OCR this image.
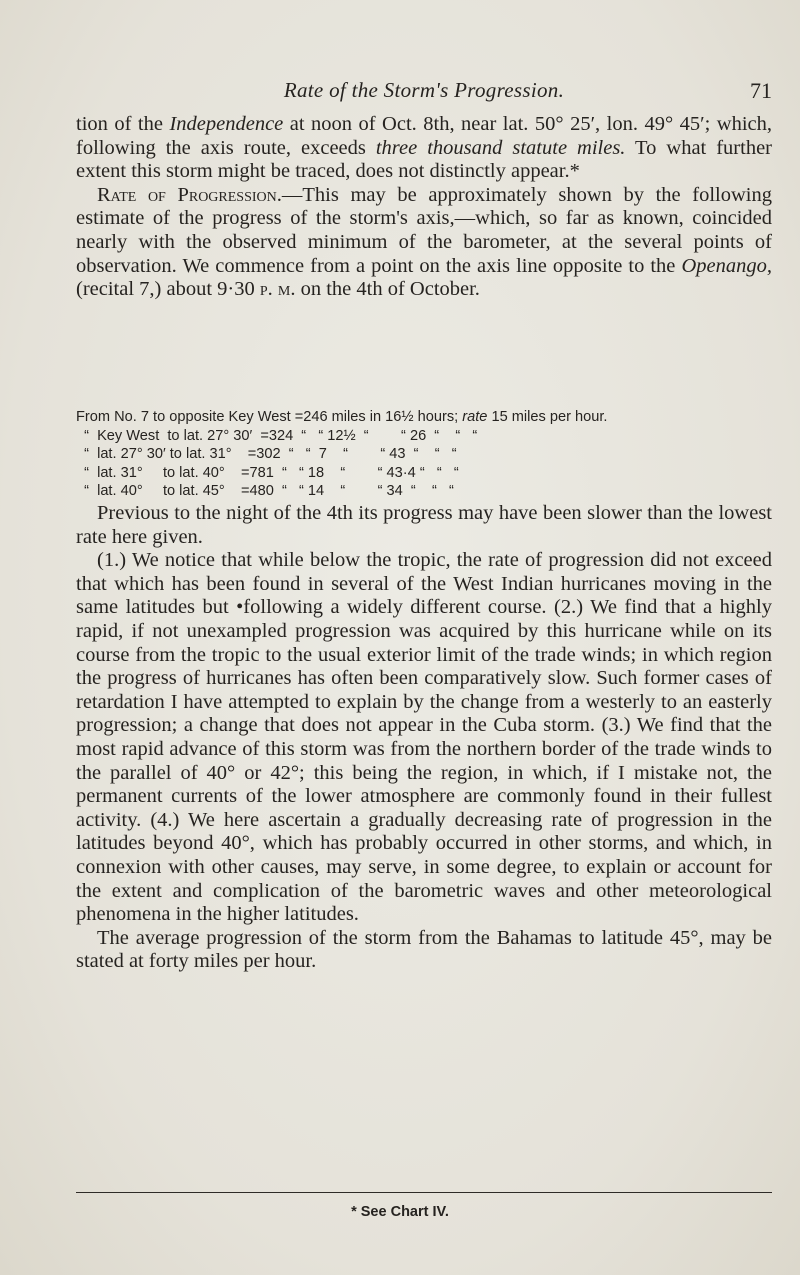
Rate of the Storm's Progression.	71

tion of the Independence at noon of Oct. 8th, near lat. 50° 25′, lon. 49° 45′; which, following the axis route, exceeds three thousand statute miles. To what further extent this storm might be traced, does not distinctly appear.*

Rate of Progression.—This may be approximately shown by the following estimate of the progress of the storm's axis,—which, so far as known, coincided nearly with the observed minimum of the barometer, at the several points of observation. We commence from a point on the axis line opposite to the Openango, (recital 7,) about 9·30 p. m. on the 4th of October.

From No. 7 to opposite Key West =246 miles in 16½ hours; rate 15 miles per hour.
“  Key West  to lat. 27° 30′  =324  “   “ 12½  “        “ 26  “    “   “
“  lat. 27° 30′ to lat. 31°    =302  “   “  7    “        “ 43  “    “   “
“  lat. 31°     to lat. 40°    =781  “   “ 18    “        “ 43·4 “   “   “
“  lat. 40°     to lat. 45°    =480  “   “ 14    “        “ 34  “    “   “

Previous to the night of the 4th its progress may have been slower than the lowest rate here given.

(1.) We notice that while below the tropic, the rate of progression did not exceed that which has been found in several of the West Indian hurricanes moving in the same latitudes but •following a widely different course. (2.) We find that a highly rapid, if not unexampled progression was acquired by this hurricane while on its course from the tropic to the usual exterior limit of the trade winds; in which region the progress of hurricanes has often been comparatively slow. Such former cases of retardation I have attempted to explain by the change from a westerly to an easterly progression; a change that does not appear in the Cuba storm. (3.) We find that the most rapid advance of this storm was from the northern border of the trade winds to the parallel of 40° or 42°; this being the region, in which, if I mistake not, the permanent currents of the lower atmosphere are commonly found in their fullest activity. (4.) We here ascertain a gradually decreasing rate of progression in the latitudes beyond 40°, which has probably occurred in other storms, and which, in connexion with other causes, may serve, in some degree, to explain or account for the extent and complication of the barometric waves and other meteorological phenomena in the higher latitudes.

The average progression of the storm from the Bahamas to latitude 45°, may be stated at forty miles per hour.

* See Chart IV.
